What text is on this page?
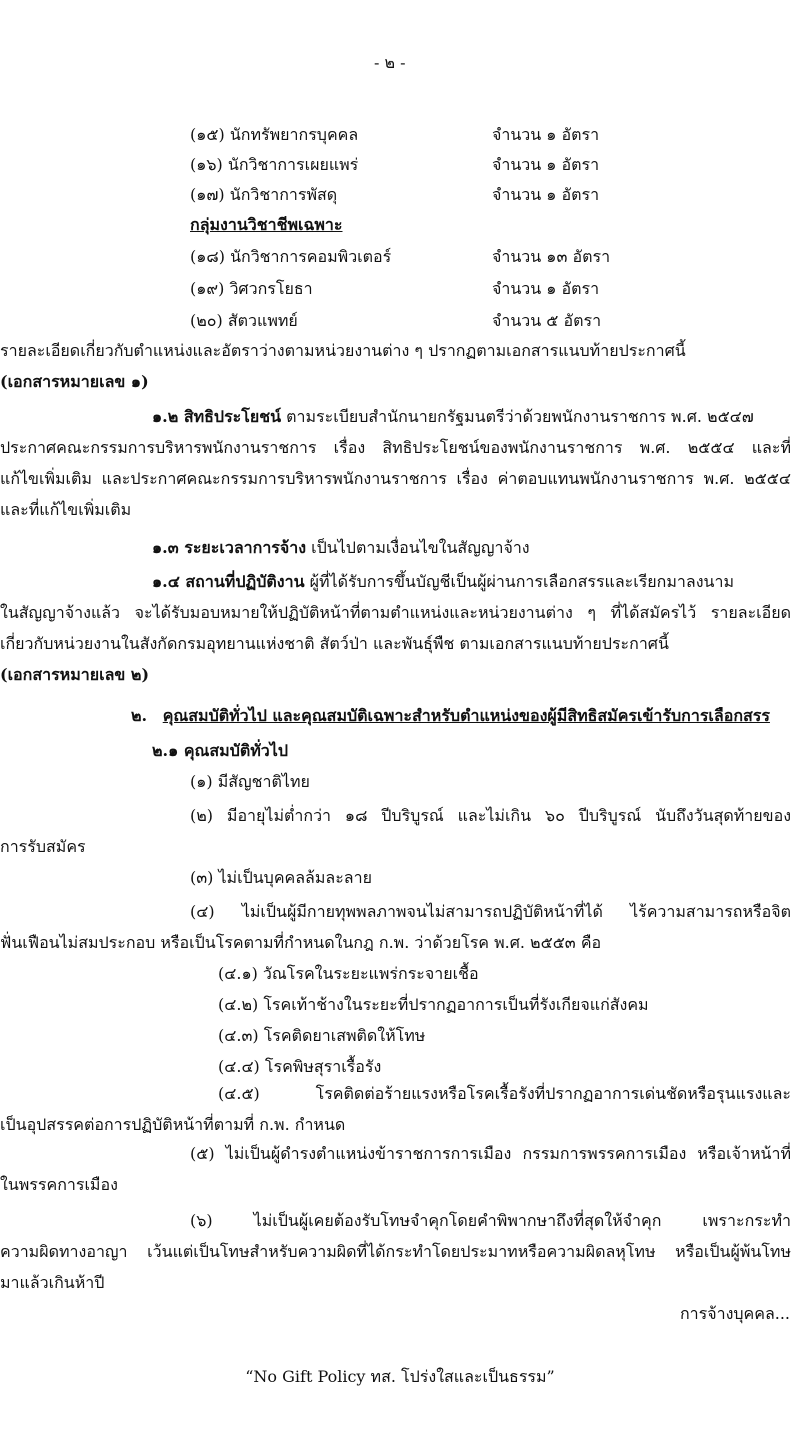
- ๒ -
(๑๕) นักทรัพยากรบุคคล	จำนวน ๑ อัตรา
(๑๖) นักวิชาการเผยแพร่	จำนวน ๑ อัตรา
(๑๗) นักวิชาการพัสดุ	จำนวน ๑ อัตรา
กลุ่มงานวิชาชีพเฉพาะ
(๑๘) นักวิชาการคอมพิวเตอร์	จำนวน ๑๓ อัตรา
(๑๙) วิศวกรโยธา	จำนวน ๑ อัตรา
(๒๐) สัตวแพทย์	จำนวน ๕ อัตรา
รายละเอียดเกี่ยวกับตำแหน่งและอัตราว่างตามหน่วยงานต่าง ๆ ปรากฏตามเอกสารแนบท้ายประกาศนี้
(เอกสารหมายเลข ๑)
๑.๒ สิทธิประโยชน์ ตามระเบียบสำนักนายกรัฐมนตรีว่าด้วยพนักงานราชการ พ.ศ. ๒๕๔๗
ประกาศคณะกรรมการบริหารพนักงานราชการ เรื่อง สิทธิประโยชน์ของพนักงานราชการ พ.ศ. ๒๕๕๔ และที่
แก้ไขเพิ่มเติม และประกาศคณะกรรมการบริหารพนักงานราชการ เรื่อง ค่าตอบแทนพนักงานราชการ พ.ศ. ๒๕๕๔
และที่แก้ไขเพิ่มเติม
๑.๓ ระยะเวลาการจ้าง เป็นไปตามเงื่อนไขในสัญญาจ้าง
๑.๔ สถานที่ปฏิบัติงาน ผู้ที่ได้รับการขึ้นบัญชีเป็นผู้ผ่านการเลือกสรรและเรียกมาลงนาม
ในสัญญาจ้างแล้ว จะได้รับมอบหมายให้ปฏิบัติหน้าที่ตามตำแหน่งและหน่วยงานต่าง ๆ ที่ได้สมัครไว้ รายละเอียด
เกี่ยวกับหน่วยงานในสังกัดกรมอุทยานแห่งชาติ สัตว์ป่า และพันธุ์พืช ตามเอกสารแนบท้ายประกาศนี้
(เอกสารหมายเลข ๒)
๒. คุณสมบัติทั่วไป และคุณสมบัติเฉพาะสำหรับตำแหน่งของผู้มีสิทธิสมัครเข้ารับการเลือกสรร
๒.๑ คุณสมบัติทั่วไป
(๑) มีสัญชาติไทย
(๒) มีอายุไม่ต่ำกว่า ๑๘ ปีบริบูรณ์ และไม่เกิน ๖๐ ปีบริบูรณ์ นับถึงวันสุดท้ายของ
การรับสมัคร
(๓) ไม่เป็นบุคคลล้มละลาย
(๔) ไม่เป็นผู้มีกายทุพพลภาพจนไม่สามารถปฏิบัติหน้าที่ได้ ไร้ความสามารถหรือจิต
ฟั่นเฟือนไม่สมประกอบ หรือเป็นโรคตามที่กำหนดในกฎ ก.พ. ว่าด้วยโรค พ.ศ. ๒๕๕๓ คือ
(๔.๑) วัณโรคในระยะแพร่กระจายเชื้อ
(๔.๒) โรคเท้าช้างในระยะที่ปรากฏอาการเป็นที่รังเกียจแก่สังคม
(๔.๓) โรคติดยาเสพติดให้โทษ
(๔.๔) โรคพิษสุราเรื้อรัง
(๔.๕) โรคติดต่อร้ายแรงหรือโรคเรื้อรังที่ปรากฏอาการเด่นชัดหรือรุนแรงและ
เป็นอุปสรรคต่อการปฏิบัติหน้าที่ตามที่ ก.พ. กำหนด
(๕) ไม่เป็นผู้ดำรงตำแหน่งข้าราชการการเมือง กรรมการพรรคการเมือง หรือเจ้าหน้าที่
ในพรรคการเมือง
(๖) ไม่เป็นผู้เคยต้องรับโทษจำคุกโดยคำพิพากษาถึงที่สุดให้จำคุก เพราะกระทำ
ความผิดทางอาญา เว้นแต่เป็นโทษสำหรับความผิดที่ได้กระทำโดยประมาทหรือความผิดลหุโทษ หรือเป็นผู้พ้นโทษ
มาแล้วเกินห้าปี
การจ้างบุคคล...
“No Gift Policy ทส. โปร่งใสและเป็นธรรม”
